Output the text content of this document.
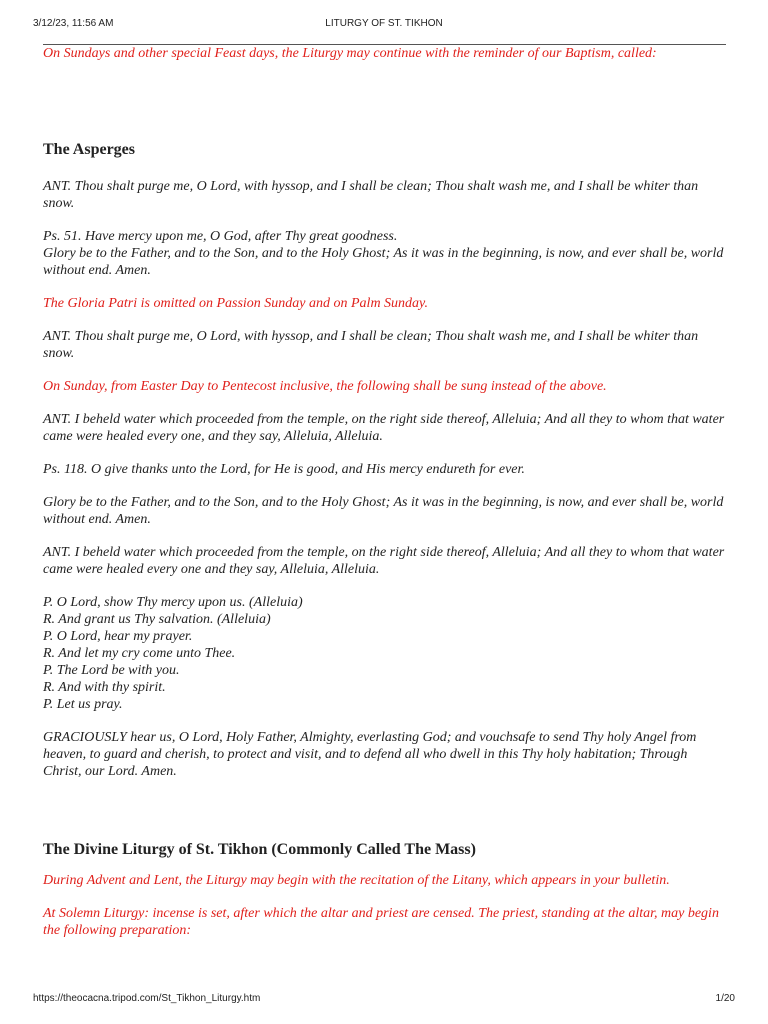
3/12/23, 11:56 AM	LITURGY OF ST. TIKHON

On Sundays and other special Feast days, the Liturgy may continue with the reminder of our Baptism, called:

The Asperges

ANT. Thou shalt purge me, O Lord, with hyssop, and I shall be clean; Thou shalt wash me, and I shall be whiter than snow.

Ps. 51. Have mercy upon me, O God, after Thy great goodness.
Glory be to the Father, and to the Son, and to the Holy Ghost; As it was in the beginning, is now, and ever shall be, world without end. Amen.

The Gloria Patri is omitted on Passion Sunday and on Palm Sunday.

ANT. Thou shalt purge me, O Lord, with hyssop, and I shall be clean; Thou shalt wash me, and I shall be whiter than snow.

On Sunday, from Easter Day to Pentecost inclusive, the following shall be sung instead of the above.

ANT. I beheld water which proceeded from the temple, on the right side thereof, Alleluia; And all they to whom that water came were healed every one, and they say, Alleluia, Alleluia.

Ps. 118. O give thanks unto the Lord, for He is good, and His mercy endureth for ever.

Glory be to the Father, and to the Son, and to the Holy Ghost; As it was in the beginning, is now, and ever shall be, world without end. Amen.

ANT. I beheld water which proceeded from the temple, on the right side thereof, Alleluia; And all they to whom that water came were healed every one and they say, Alleluia, Alleluia.

P. O Lord, show Thy mercy upon us. (Alleluia)
R. And grant us Thy salvation. (Alleluia)
P. O Lord, hear my prayer.
R. And let my cry come unto Thee.
P. The Lord be with you.
R. And with thy spirit.
P. Let us pray.

GRACIOUSLY hear us, O Lord, Holy Father, Almighty, everlasting God; and vouchsafe to send Thy holy Angel from heaven, to guard and cherish, to protect and visit, and to defend all who dwell in this Thy holy habitation; Through Christ, our Lord. Amen.

The Divine Liturgy of St. Tikhon (Commonly Called The Mass)

During Advent and Lent, the Liturgy may begin with the recitation of the Litany, which appears in your bulletin.

At Solemn Liturgy: incense is set, after which the altar and priest are censed. The priest, standing at the altar, may begin the following preparation:

https://theocacna.tripod.com/St_Tikhon_Liturgy.htm	1/20
